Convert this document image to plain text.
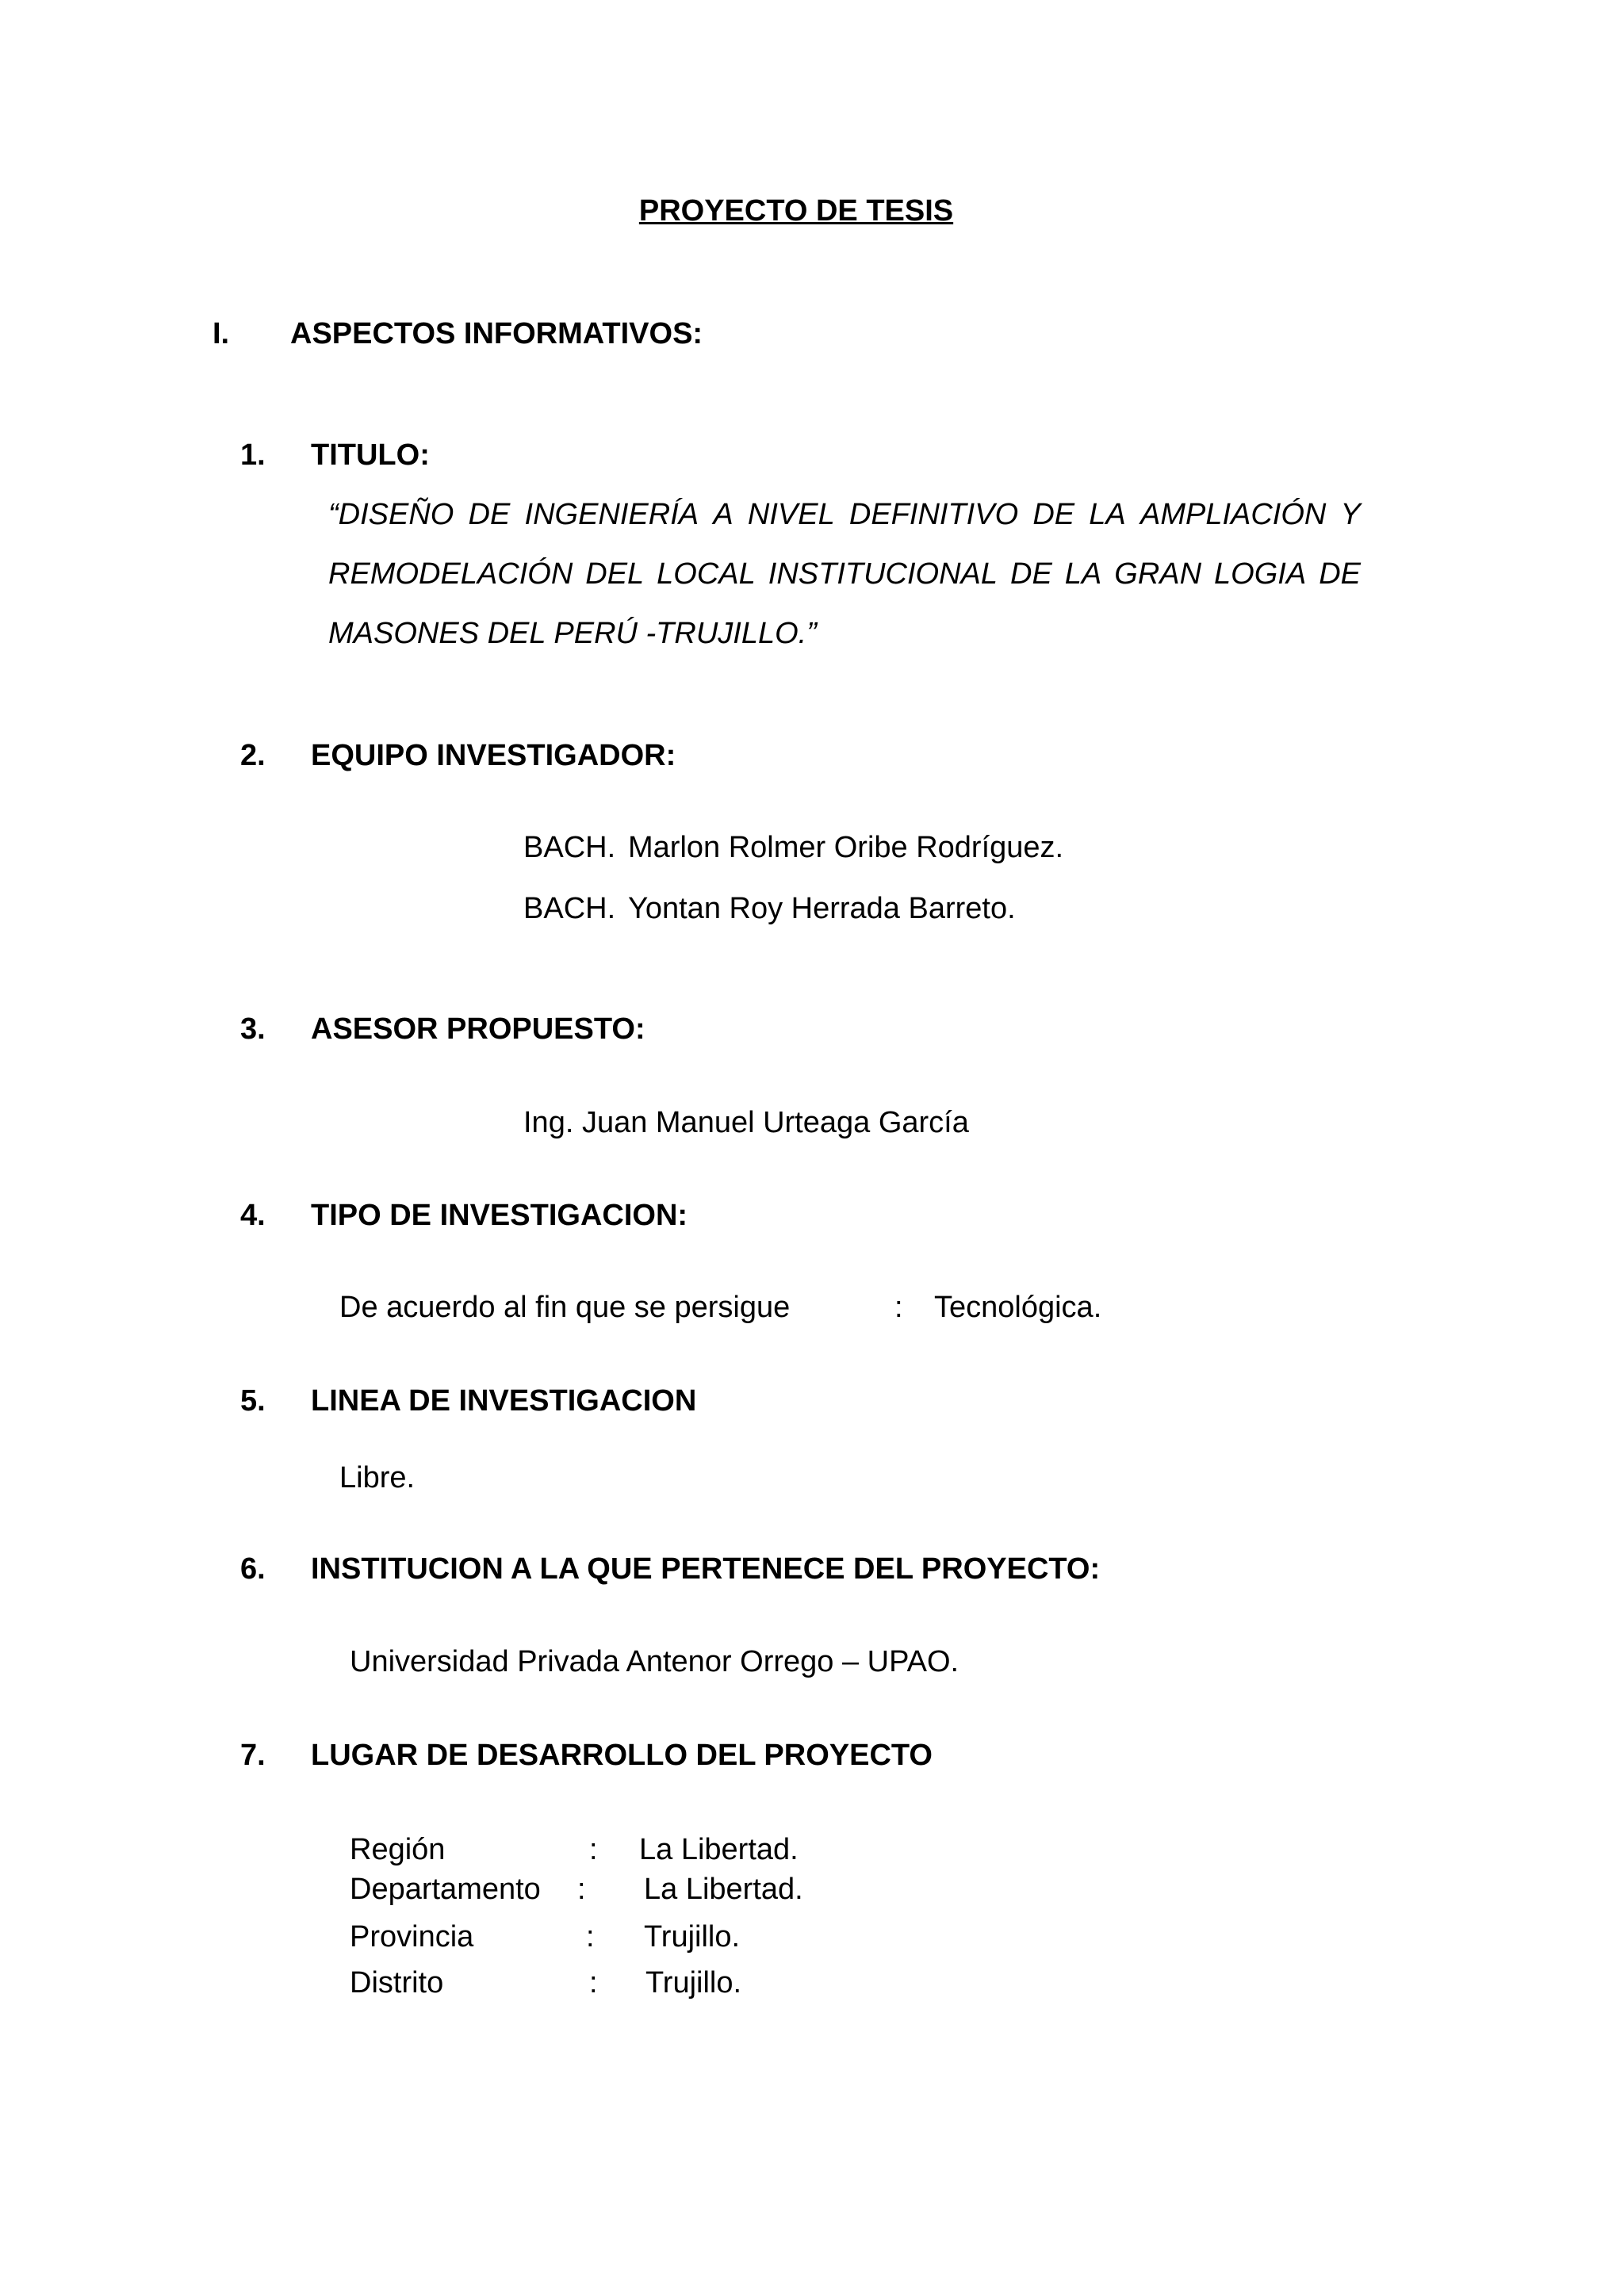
PROYECTO DE TESIS
I. ASPECTOS INFORMATIVOS:
1. TITULO:
“DISEÑO DE INGENIERÍA A NIVEL DEFINITIVO DE LA AMPLIACIÓN Y
REMODELACIÓN DEL LOCAL INSTITUCIONAL DE LA GRAN LOGIA DE
MASONES DEL PERÚ -TRUJILLO.”
2. EQUIPO INVESTIGADOR:
BACH. Marlon Rolmer Oribe Rodríguez.
BACH. Yontan Roy Herrada Barreto.
3. ASESOR PROPUESTO:
Ing. Juan Manuel Urteaga García
4. TIPO DE INVESTIGACION:
De acuerdo al fin que se persigue	: Tecnológica.
5. LINEA DE INVESTIGACION
Libre.
6. INSTITUCION A LA QUE PERTENECE DEL PROYECTO:
Universidad Privada Antenor Orrego – UPAO.
7. LUGAR DE DESARROLLO DEL PROYECTO
Región	: La Libertad.
Departamento : La Libertad.
Provincia	: Trujillo.
Distrito	: Trujillo.
